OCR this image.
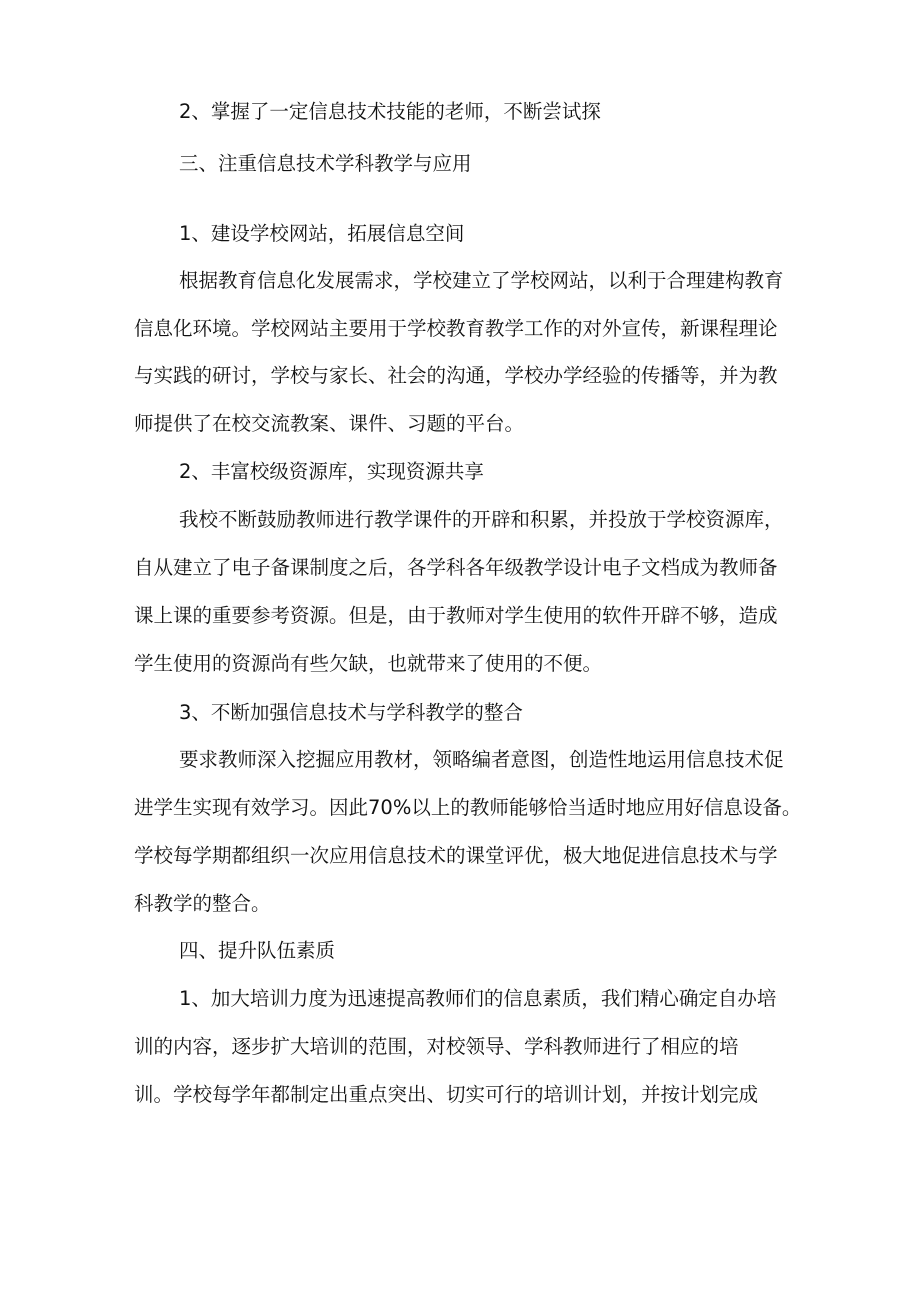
2、掌握了一定信息技术技能的老师，不断尝试探
三、注重信息技术学科教学与应用
1、建设学校网站，拓展信息空间
根据教育信息化发展需求，学校建立了学校网站，以利于合理建构教育
信息化环境。学校网站主要用于学校教育教学工作的对外宣传，新课程理论
与实践的研讨，学校与家长、社会的沟通，学校办学经验的传播等，并为教
师提供了在校交流教案、课件、习题的平台。
2、丰富校级资源库，实现资源共享
我校不断鼓励教师进行教学课件的开辟和积累，并投放于学校资源库，
自从建立了电子备课制度之后，各学科各年级教学设计电子文档成为教师备
课上课的重要参考资源。但是，由于教师对学生使用的软件开辟不够，造成
学生使用的资源尚有些欠缺，也就带来了使用的不便。
3、不断加强信息技术与学科教学的整合
要求教师深入挖掘应用教材，领略编者意图，创造性地运用信息技术促
进学生实现有效学习。因此70%以上的教师能够恰当适时地应用好信息设备。
学校每学期都组织一次应用信息技术的课堂评优，极大地促进信息技术与学
科教学的整合。
四、提升队伍素质
1、加大培训力度为迅速提高教师们的信息素质，我们精心确定自办培
训的内容，逐步扩大培训的范围，对校领导、学科教师进行了相应的培
训。学校每学年都制定出重点突出、切实可行的培训计划，并按计划完成
